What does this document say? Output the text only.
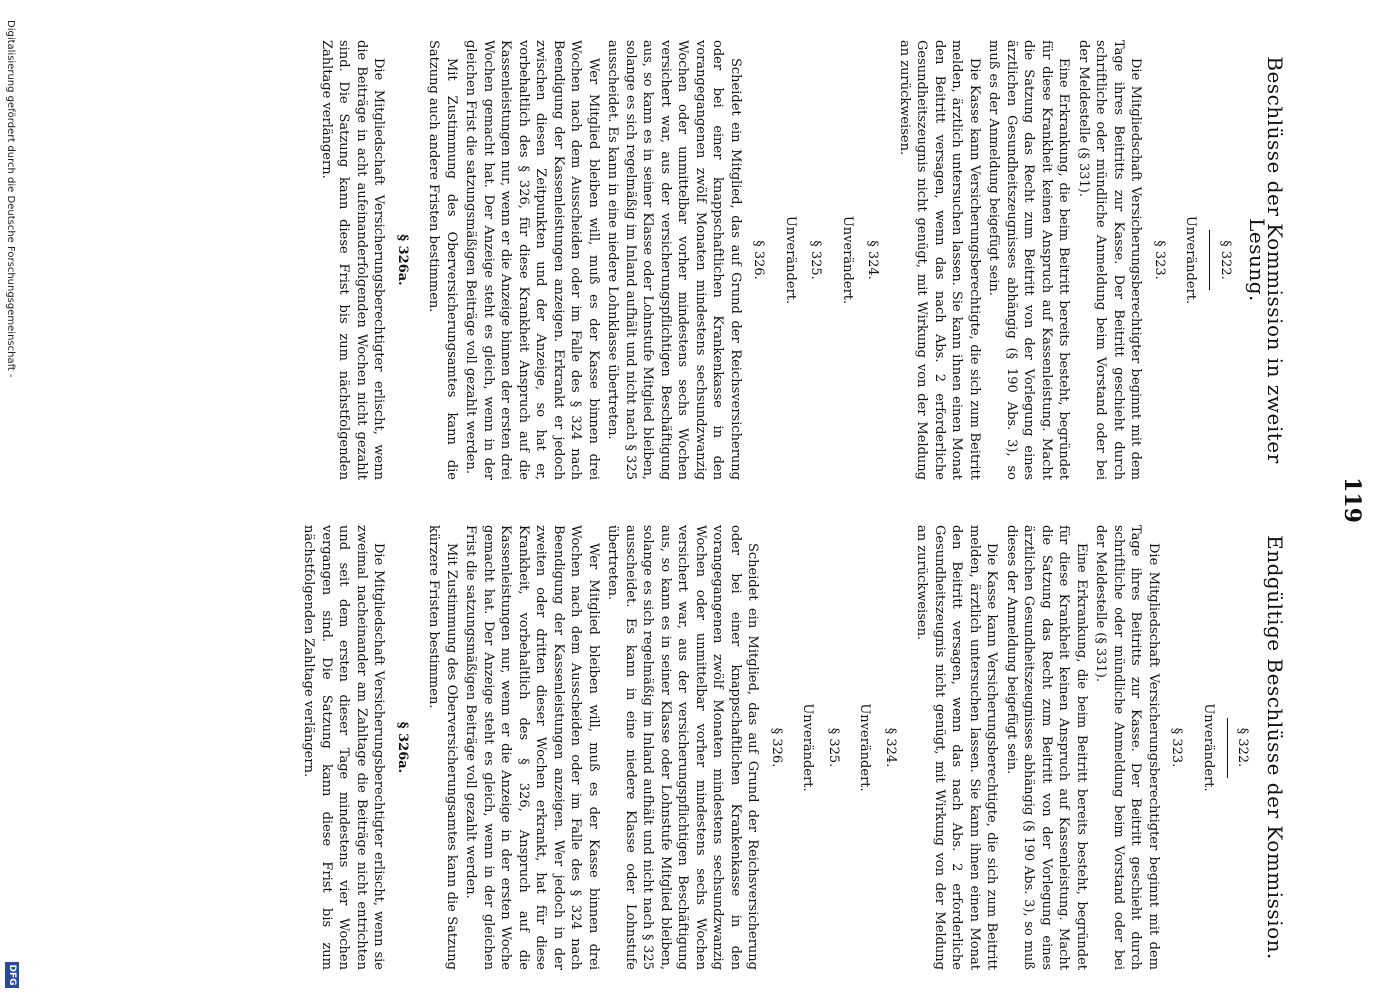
119
Beschlüsse der Kommission in zweiter Lesung.
§ 322.
Unverändert.
§ 323.

Die Mitgliedschaft Versicherungsberechtigter beginnt mit dem Tage ihres Beitritts zur Kasse. Der Beitritt geschieht durch schriftliche oder mündliche Anmeldung beim Vorstand oder bei der Meldestelle (§ 331).

Eine Erkrankung, die beim Beitritt bereits besteht, begründet für diese Krankheit keinen Anspruch auf Kassenleistung. Macht die Satzung das Recht zum Beitritt von der Vorlegung eines ärztlichen Gesundheitszeugnisses abhängig (§ 190 Abs. 3), so muß es der Anmeldung beigefügt sein.

Die Kasse kann Versicherungsberechtigte, die sich zum Beitritt melden, ärztlich untersuchen lassen. Sie kann ihnen einen Monat den Beitritt versagen, wenn das nach Abs. 2 erforderliche Gesundheitszeugnis nicht genügt, mit Wirkung von der Meldung an zurückweisen.

§ 324.
Unverändert.
§ 325.
Unverändert.
§ 326.

Scheidet ein Mitglied, das auf Grund der Reichsversicherung oder bei einer knappschaftlichen Krankenkasse in den vorangegangenen zwölf Monaten mindestens sechsundzwanzig Wochen oder unmittelbar vorher mindestens sechs Wochen versichert war, aus der versicherungspflichtigen Beschäftigung aus, so kann es in seiner Klasse oder Lohnstufe Mitglied bleiben, solange es sich regelmäßig im Inland aufhält und nicht nach § 325 ausscheidet. Es kann in eine niedere Lohnklasse übertreten.

Wer Mitglied bleiben will, muß es der Kasse binnen drei Wochen nach dem Ausscheiden oder im Falle des § 324 nach Beendigung der Kassenleistungen anzeigen. Erkrankt er jedoch zwischen diesen Zeitpunkten und der Anzeige, so hat er, vorbehaltlich des § 326, für diese Krankheit Anspruch auf die Kassenleistungen nur, wenn er die Anzeige binnen der ersten drei Wochen gemacht hat. Der Anzeige steht es gleich, wenn in der gleichen Frist die satzungsmäßigen Beiträge voll gezahlt werden.

Mit Zustimmung des Oberversicherungsamtes kann die Satzung auch andere Fristen bestimmen.

§ 326a.

Die Mitgliedschaft Versicherungsberechtigter erlischt, wenn die Beiträge in acht aufeinanderfolgenden Wochen nicht gezahlt sind. Die Satzung kann diese Frist bis zum nächstfolgenden Zahltage verlängern.

Endgültige Beschlüsse der Kommission.
§ 322.
Unverändert.
§ 323.

Die Mitgliedschaft Versicherungsberechtigter beginnt mit dem Tage ihres Beitritts zur Kasse. Der Beitritt geschieht durch schriftliche oder mündliche Anmeldung beim Vorstand oder bei der Meldestelle (§ 331).

Eine Erkrankung, die beim Beitritt bereits besteht, begründet für diese Krankheit keinen Anspruch auf Kassenleistung. Macht die Satzung das Recht zum Beitritt von der Vorlegung eines ärztlichen Gesundheitszeugnisses abhängig (§ 190 Abs. 3), so muß dieses der Anmeldung beigefügt sein.

Die Kasse kann Versicherungsberechtigte, die sich zum Beitritt melden, ärztlich untersuchen lassen. Sie kann ihnen einen Monat den Beitritt versagen, wenn das nach Abs. 2 erforderliche Gesundheitszeugnis nicht genügt, mit Wirkung von der Meldung an zurückweisen.

§ 324.
Unverändert.
§ 325.
Unverändert.
§ 326.

Scheidet ein Mitglied, das auf Grund der Reichsversicherung oder bei einer knappschaftlichen Krankenkasse in den vorangegangenen zwölf Monaten mindestens sechsundzwanzig Wochen oder unmittelbar vorher mindestens sechs Wochen versichert war, aus der versicherungspflichtigen Beschäftigung aus, so kann es in seiner Klasse oder Lohnstufe Mitglied bleiben, solange es sich regelmäßig im Inland aufhält und nicht nach § 325 ausscheidet. Es kann in eine niedere Klasse oder Lohnstufe übertreten.

Wer Mitglied bleiben will, muß es der Kasse binnen drei Wochen nach dem Ausscheiden oder im Falle des § 324 nach Beendigung der Kassenleistungen anzeigen. Wer jedoch in der zweiten oder dritten dieser Wochen erkrankt, hat für diese Krankheit, vorbehaltlich des § 326, Anspruch auf die Kassenleistungen nur, wenn er die Anzeige in der ersten Woche gemacht hat. Der Anzeige steht es gleich, wenn in der gleichen Frist die satzungsmäßigen Beiträge voll gezahlt werden.

Mit Zustimmung des Oberversicherungsamtes kann die Satzung kürzere Fristen bestimmen.

§ 326a.

Die Mitgliedschaft Versicherungsberechtigter erlischt, wenn sie zweimal nacheinander am Zahltage die Beiträge nicht entrichten und seit dem ersten dieser Tage mindestens vier Wochen vergangen sind. Die Satzung kann diese Frist bis zum nächstfolgenden Zahltage verlängern.

Digitalisierung gefördert durch die Deutsche Forschungsgemeinschaft -
DFG
